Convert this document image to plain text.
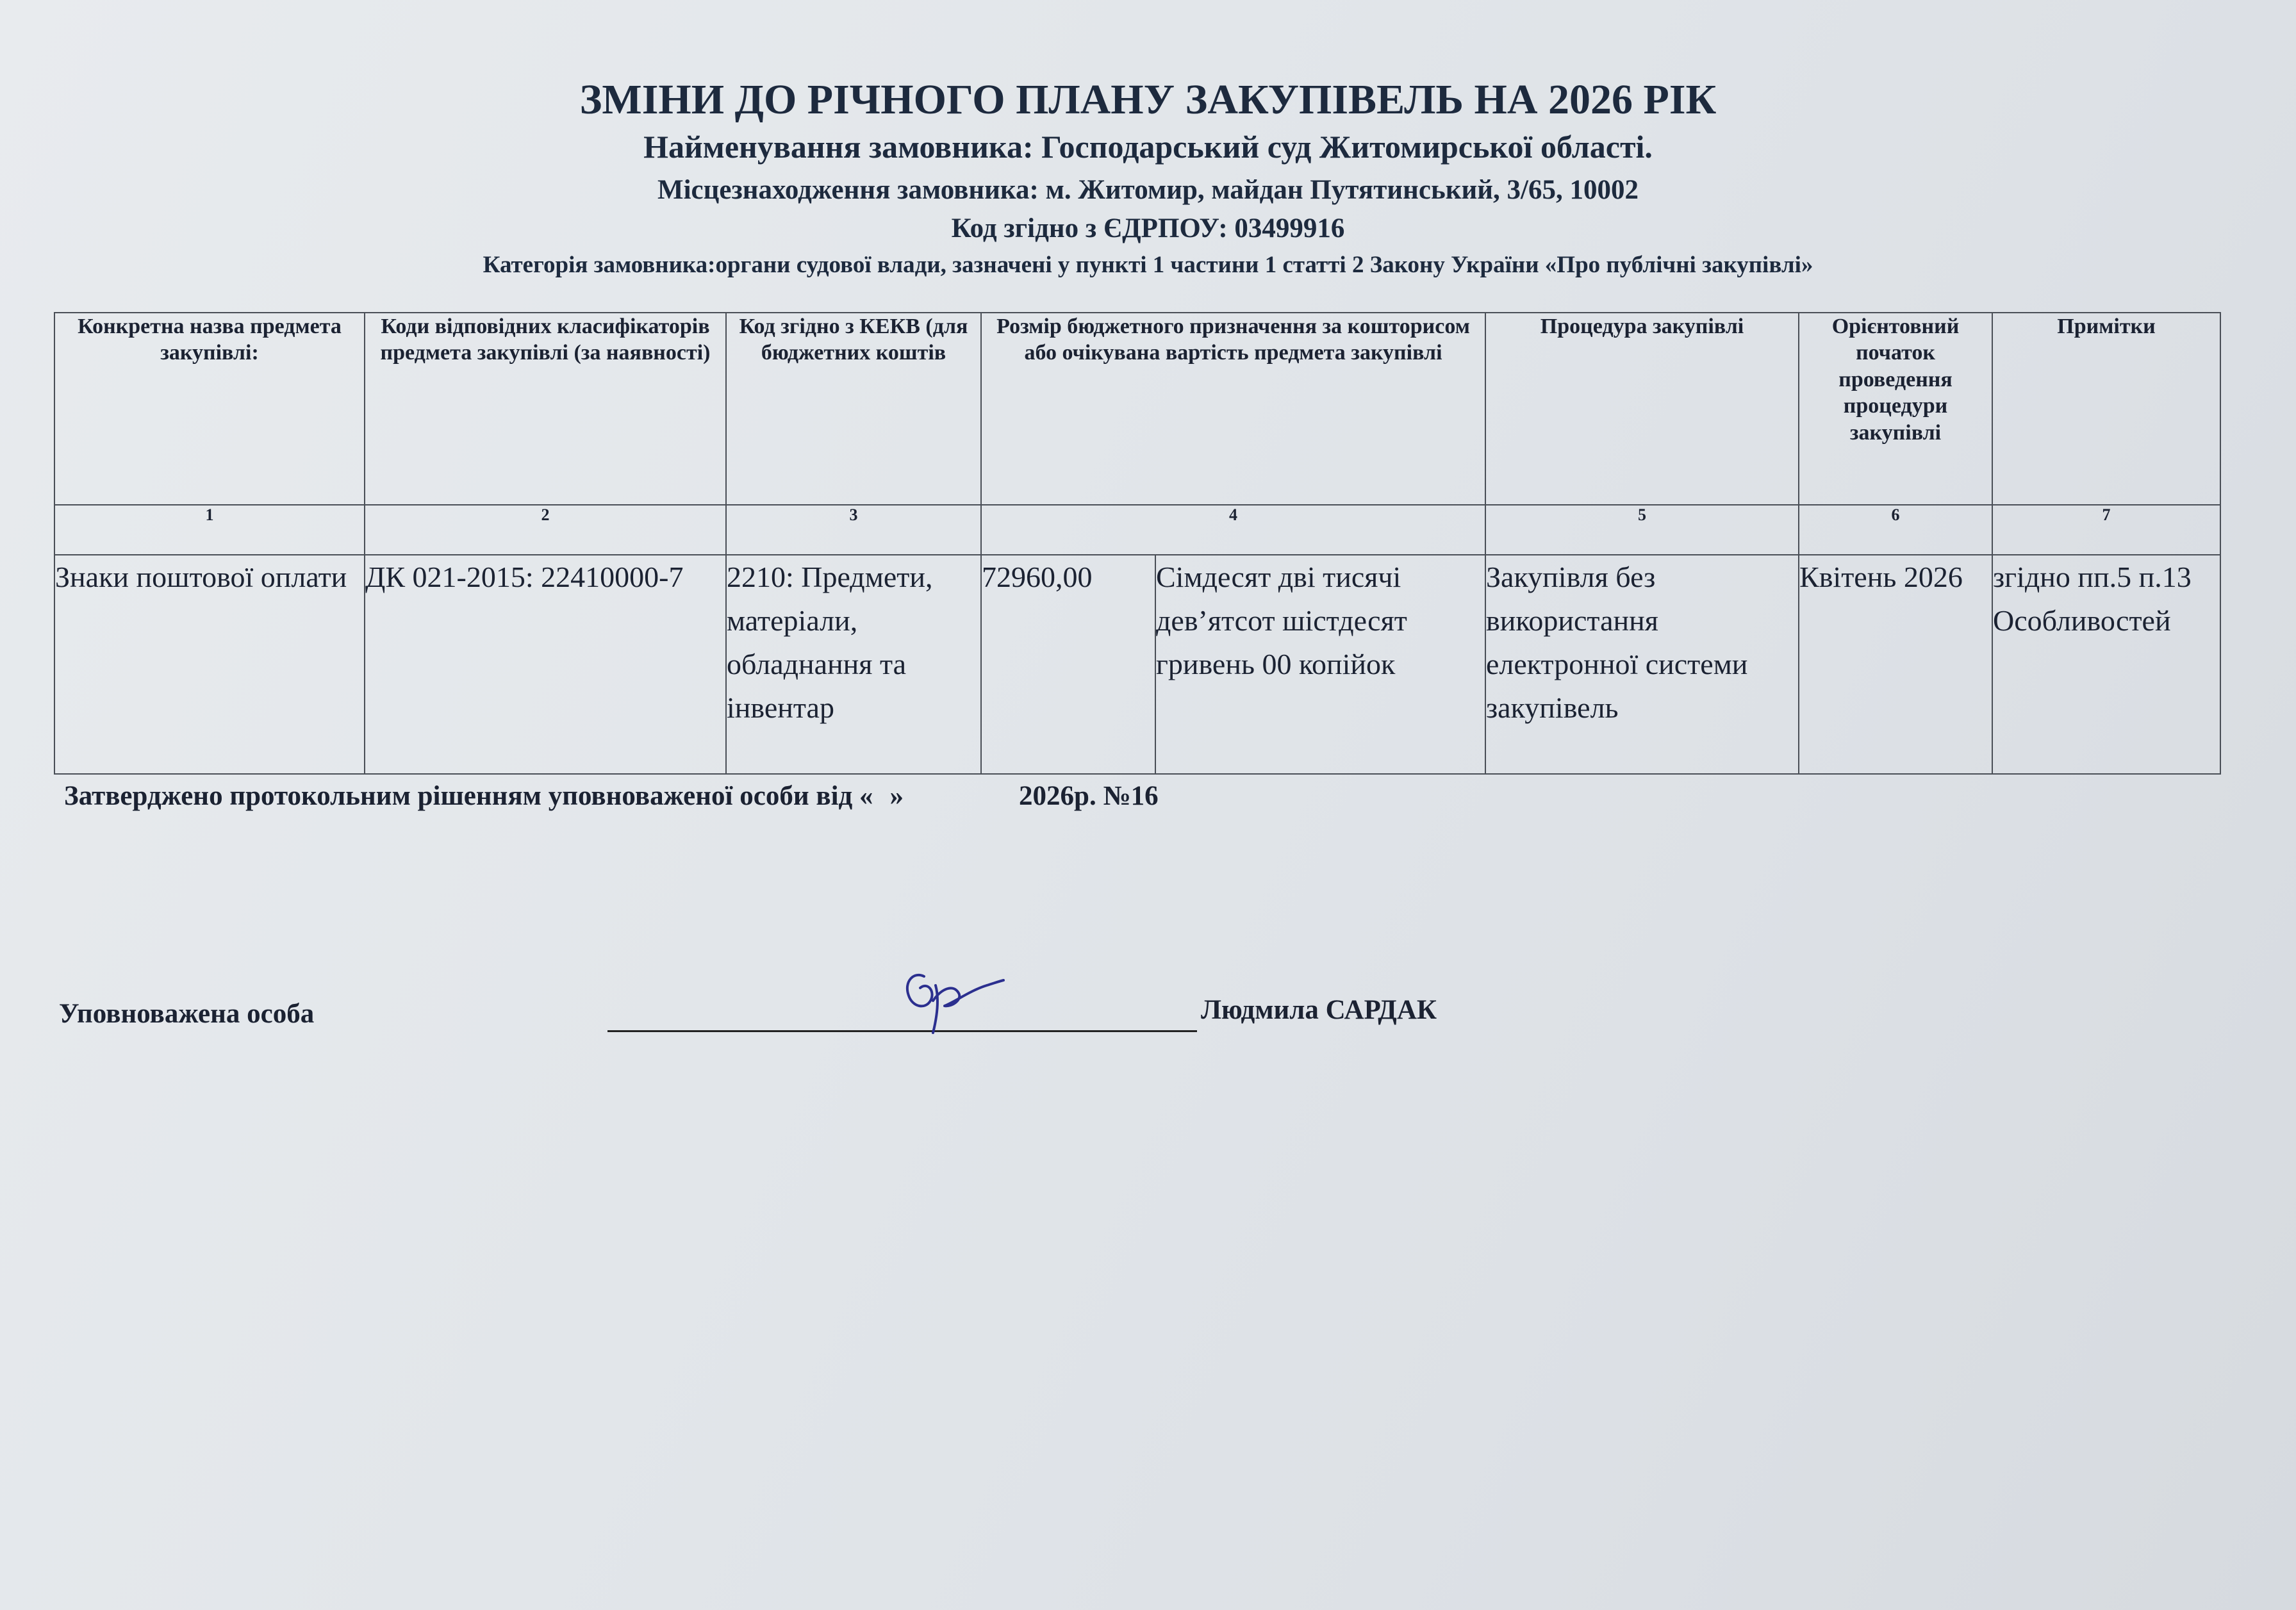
ЗМІНИ ДО РІЧНОГО ПЛАНУ ЗАКУПІВЕЛЬ НА 2026 РІК
Найменування замовника: Господарський суд Житомирської області.
Місцезнаходження замовника: м. Житомир, майдан Путятинський, 3/65, 10002
Код згідно з ЄДРПОУ: 03499916
Категорія замовника:органи судової влади, зазначені у пункті 1 частини 1 статті 2 Закону України «Про публічні закупівлі»
Конкретна назва предмета закупівлі:	Коди відповідних класифікаторів предмета закупівлі (за наявності)	Код згідно з КЕКВ (для бюджетних коштів	Розмір бюджетного призначення за кошторисом або очікувана вартість предмета закупівлі		Процедура закупівлі	Орієнтовний початок проведення процедури закупівлі	Примітки
1	2	3	4		5	6	7
Знаки поштової оплати	ДК 021-2015: 22410000-7	2210: Предмети, матеріали, обладнання та інвентар	72960,00	Сімдесят дві тисячі дев’ятсот шістдесят гривень 00 копійок	Закупівля без використання електронної системи закупівель	Квітень 2026	згідно пп.5 п.13 Особливостей
Затверджено протокольним рішенням уповноваженої особи від « »	2026р. №16
Уповноважена особа	Людмила САРДАК
